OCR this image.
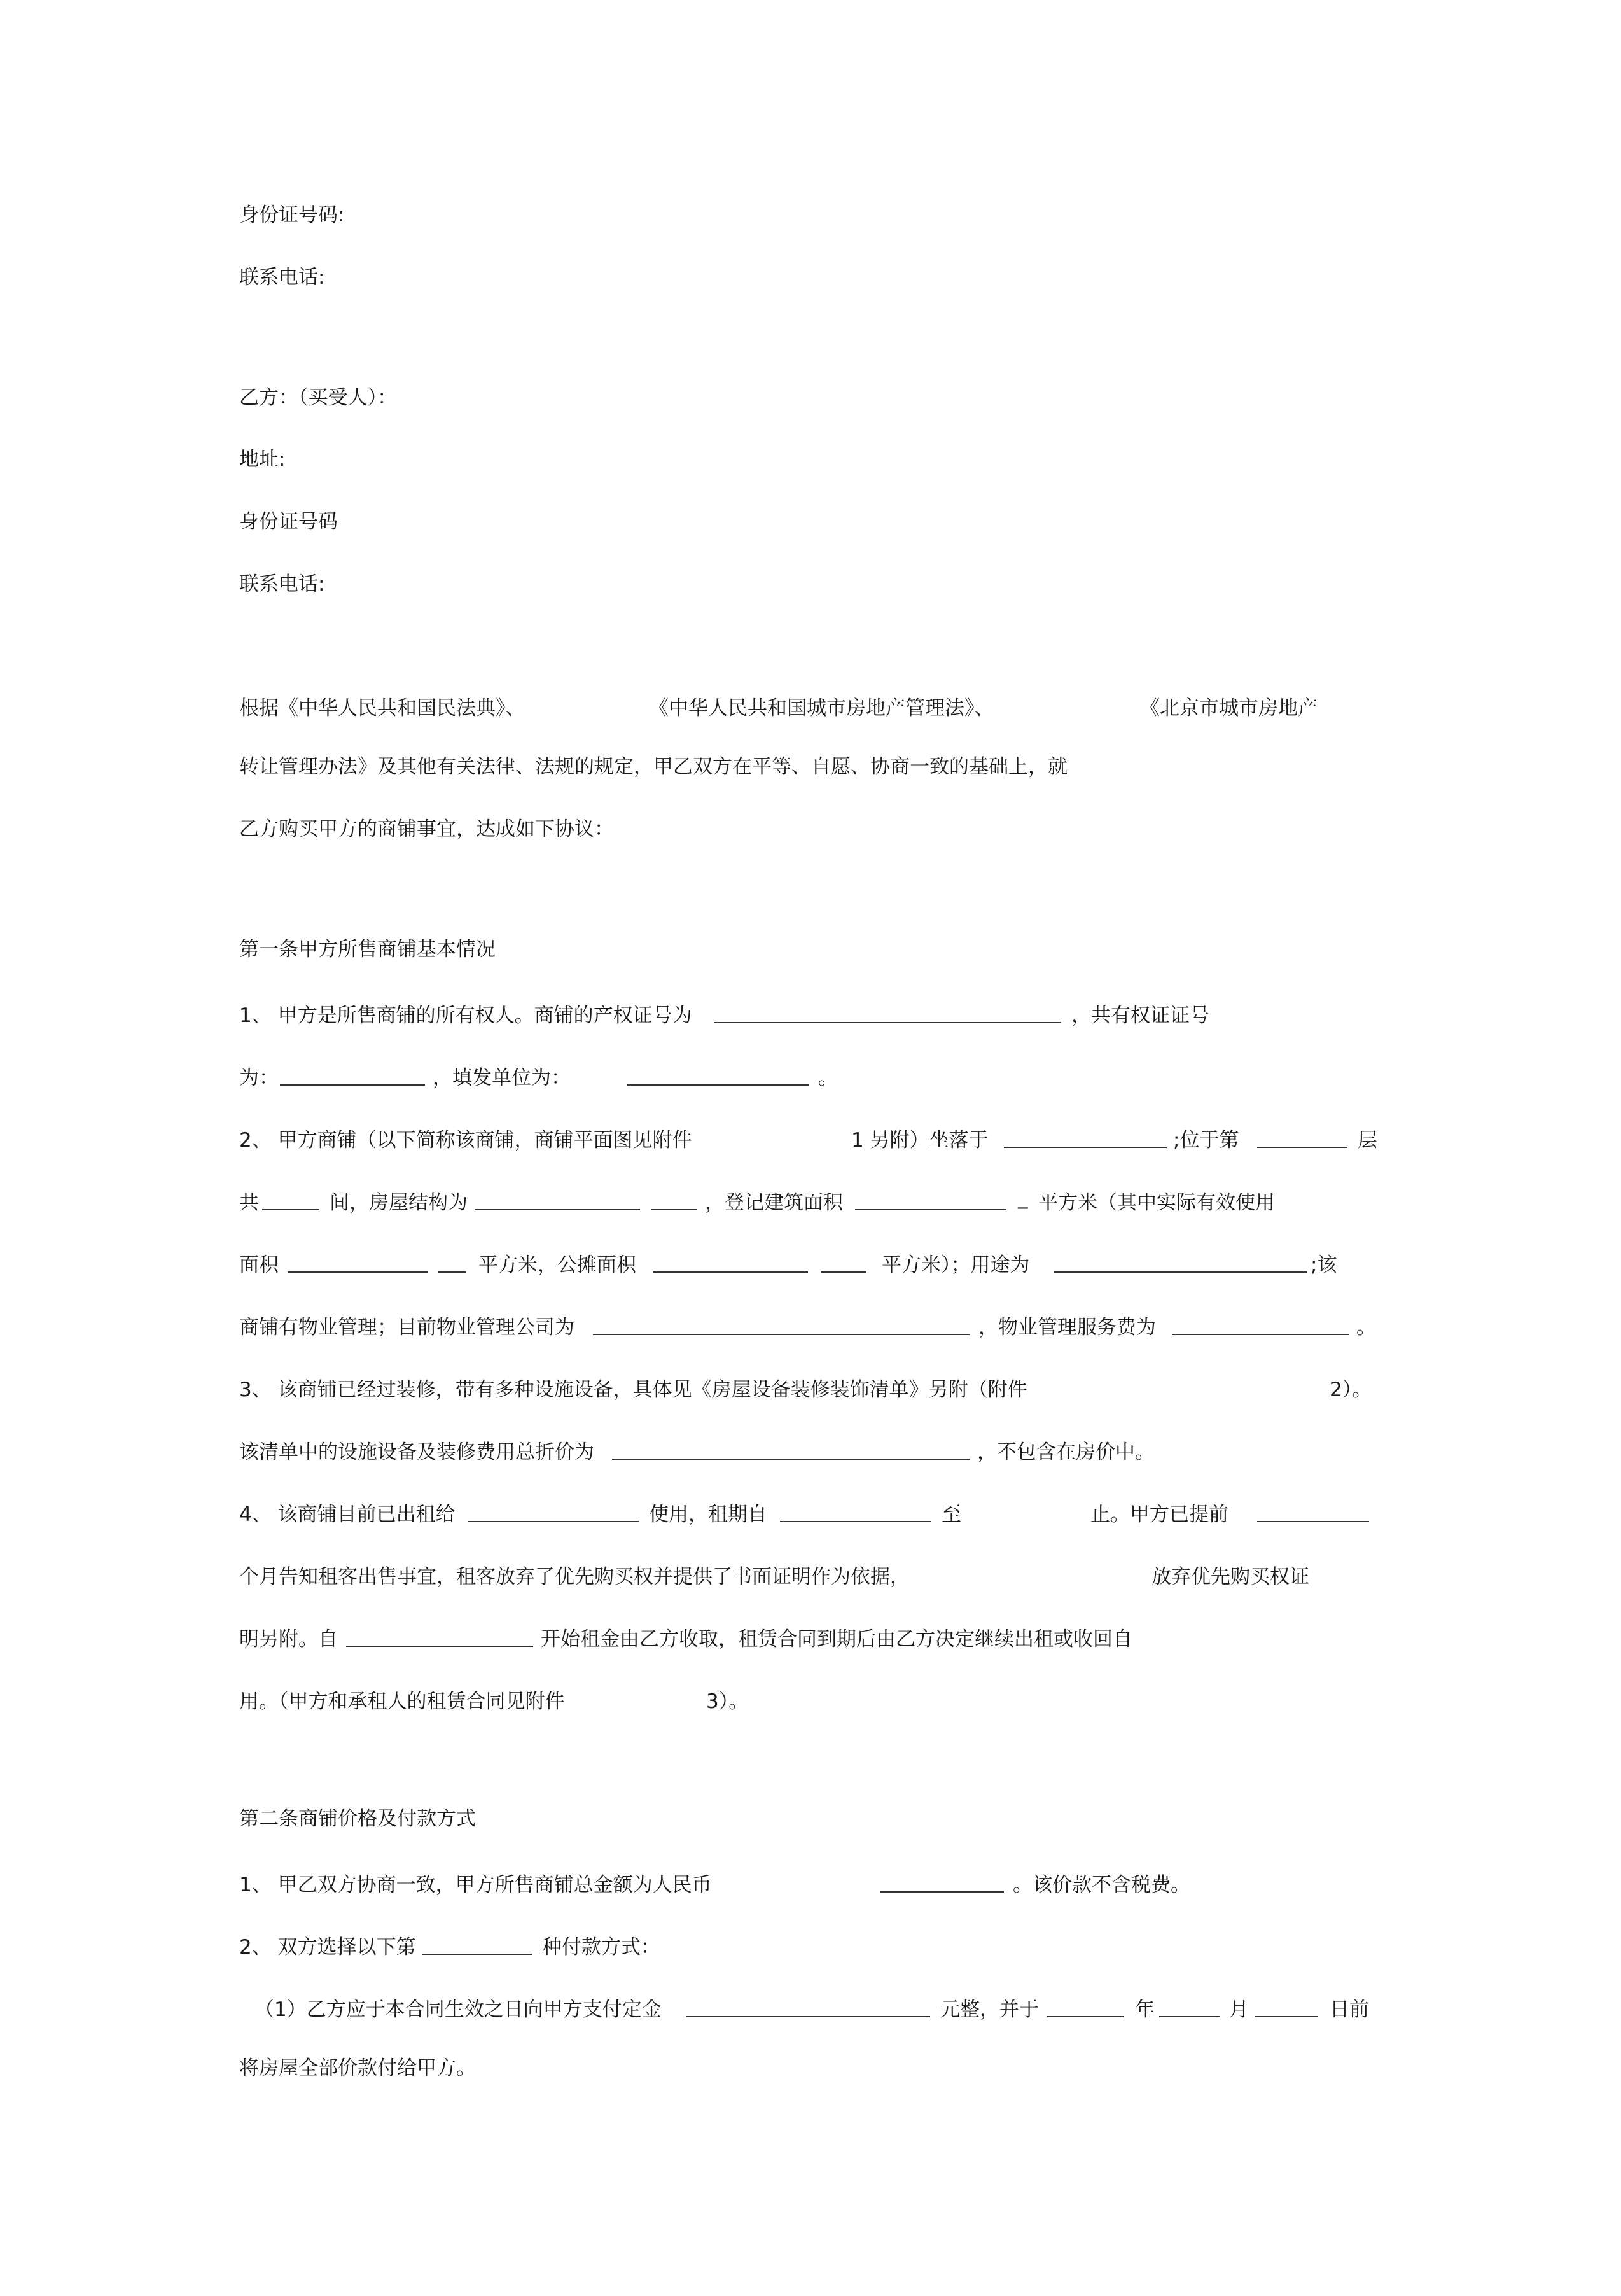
身份证号码:
联系电话:
乙方：（买受人）：
地址:
身份证号码
联系电话:
根据《中华人民共和国民法典》、	《中华人民共和国城市房地产管理法》、	《北京市城市房地产
转让管理办法》及其他有关法律、法规的规定，甲乙双方在平等、自愿、协商一致的基础上，就
乙方购买甲方的商铺事宜，达成如下协议：
第一条甲方所售商铺基本情况
1、 甲方是所售商铺的所有权人。商铺的产权证号为	，共有权证证号
为：	，填发单位为：	。
2、 甲方商铺（以下简称该商铺，商铺平面图见附件	1 另附）坐落于	;位于第	层
共	间，房屋结构为	，登记建筑面积	_ 平方米（其中实际有效使用
面积	平方米，公摊面积	平方米）；用途为	;该
商铺有物业管理；目前物业管理公司为	，物业管理服务费为	。
3、 该商铺已经过装修，带有多种设施设备，具体见《房屋设备装修装饰清单》另附（附件	2）。
该清单中的设施设备及装修费用总折价为	，不包含在房价中。
4、 该商铺目前已出租给	使用，租期自	至	止。甲方已提前
个月告知租客出售事宜，租客放弃了优先购买权并提供了书面证明作为依据，	放弃优先购买权证
明另附。自	开始租金由乙方收取，租赁合同到期后由乙方决定继续出租或收回自
用。（甲方和承租人的租赁合同见附件	3）。
第二条商铺价格及付款方式
1、 甲乙双方协商一致，甲方所售商铺总金额为人民币	。该价款不含税费。
2、 双方选择以下第	种付款方式：
（1）乙方应于本合同生效之日向甲方支付定金	元整，并于	年	月	日前
将房屋全部价款付给甲方。
